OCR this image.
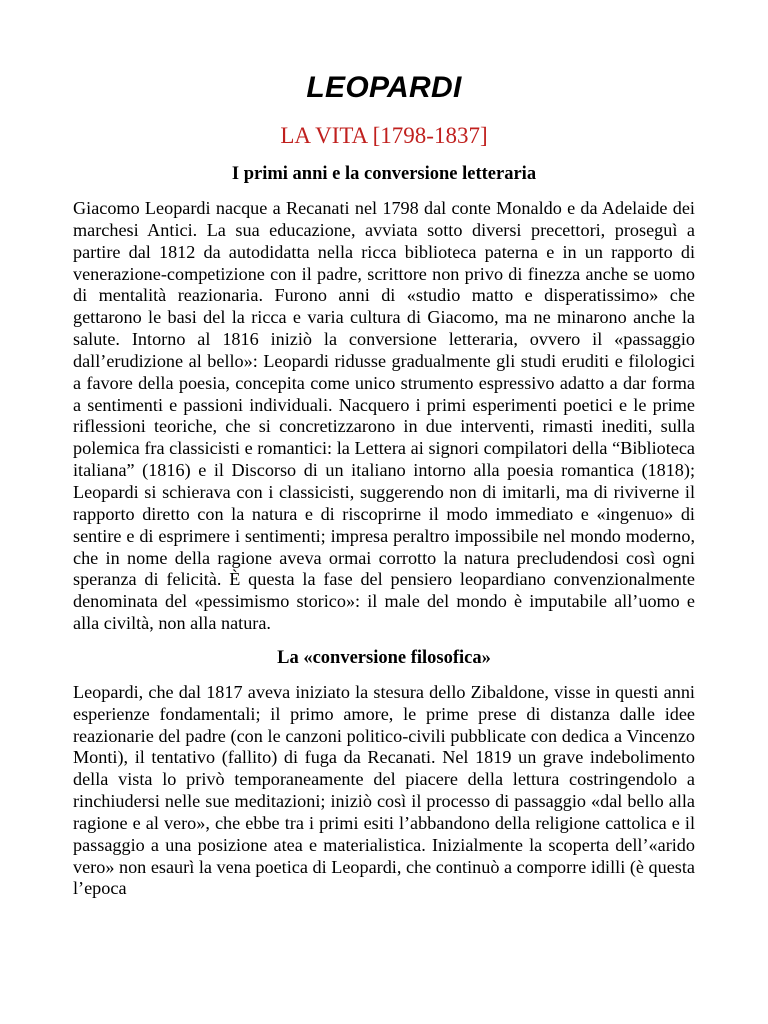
LEOPARDI
LA VITA [1798-1837]
I primi anni e la conversione letteraria

Giacomo Leopardi nacque a Recanati nel 1798 dal conte Monaldo e da Adelaide dei marchesi Antici. La sua educazione, avviata sotto diversi precettori, proseguì a partire dal 1812 da autodidatta nella ricca biblioteca paterna e in un rapporto di venerazione-competizione con il padre, scrittore non privo di finezza anche se uomo di mentalità reazionaria. Furono anni di «studio matto e disperatissimo» che gettarono le basi del la ricca e varia cultura di Giacomo, ma ne minarono anche la salute. Intorno al 1816 iniziò la conversione letteraria, ovvero il «passaggio dall’erudizione al bello»: Leopardi ridusse gradualmente gli studi eruditi e filologici a favore della poesia, concepita come unico strumento espressivo adatto a dar forma a sentimenti e passioni individuali. Nacquero i primi esperimenti poetici e le prime riflessioni teoriche, che si concretizzarono in due interventi, rimasti inediti, sulla polemica fra classicisti e romantici: la Lettera ai signori compilatori della “Biblioteca italiana” (1816) e il Discorso di un italiano intorno alla poesia romantica (1818); Leopardi si schierava con i classicisti, suggerendo non di imitarli, ma di riviverne il rapporto diretto con la natura e di riscoprirne il modo immediato e «ingenuo» di sentire e di esprimere i sentimenti; impresa peraltro impossibile nel mondo moderno, che in nome della ragione aveva ormai corrotto la natura precludendosi così ogni speranza di felicità. È questa la fase del pensiero leopardiano convenzionalmente denominata del «pessimismo storico»: il male del mondo è imputabile all’uomo e alla civiltà, non alla natura.

La «conversione filosofica»

Leopardi, che dal 1817 aveva iniziato la stesura dello Zibaldone, visse in questi anni esperienze fondamentali; il primo amore, le prime prese di distanza dalle idee reazionarie del padre (con le canzoni politico-civili pubblicate con dedica a Vincenzo Monti), il tentativo (fallito) di fuga da Recanati. Nel 1819 un grave indebolimento della vista lo privò temporaneamente del piacere della lettura costringendolo a rinchiudersi nelle sue meditazioni; iniziò così il processo di passaggio «dal bello alla ragione e al vero», che ebbe tra i primi esiti l’abbandono della religione cattolica e il passaggio a una posizione atea e materialistica. Inizialmente la scoperta dell’«arido vero» non esaurì la vena poetica di Leopardi, che continuò a comporre idilli (è questa l’epoca
